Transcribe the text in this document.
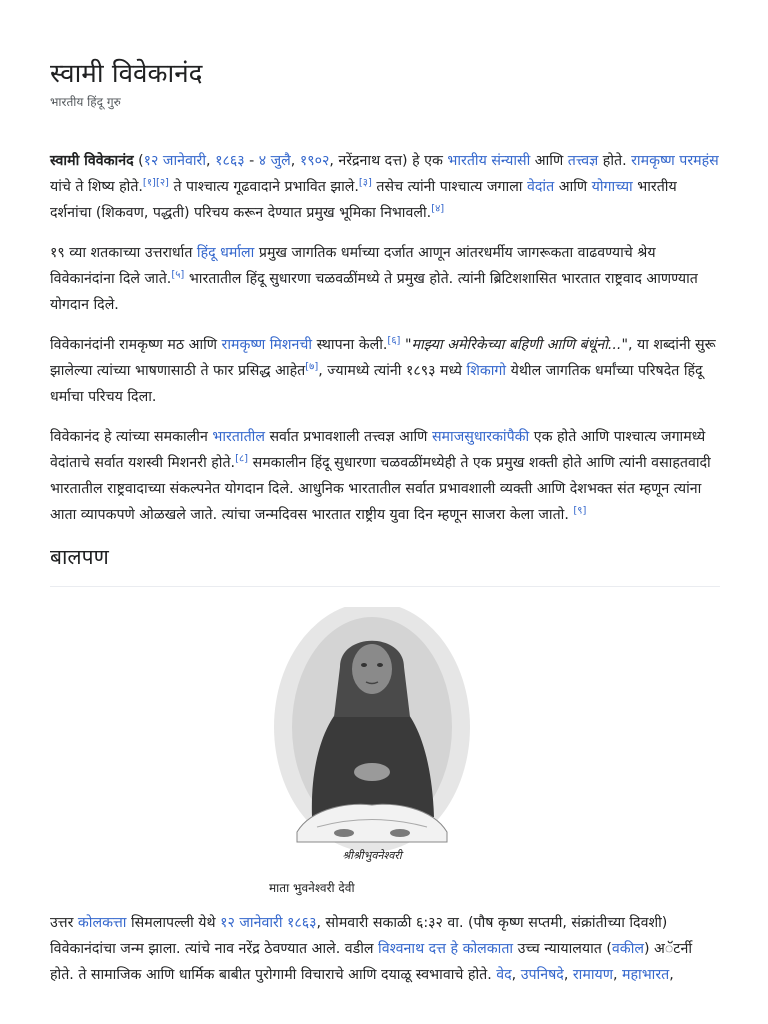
स्वामी विवेकानंद
भारतीय हिंदू गुरु

स्वामी विवेकानंद (१२ जानेवारी, १८६३ - ४ जुलै, १९०२, नरेंद्रनाथ दत्त) हे एक भारतीय संन्यासी आणि तत्त्वज्ञ होते. रामकृष्ण परमहंस यांचे ते शिष्य होते.[१][२] ते पाश्चात्य गूढवादाने प्रभावित झाले.[३] तसेच त्यांनी पाश्चात्य जगाला वेदांत आणि योगाच्या भारतीय दर्शनांचा (शिकवण, पद्धती) परिचय करून देण्यात प्रमुख भूमिका निभावली.[४]

१९ व्या शतकाच्या उत्तरार्धात हिंदू धर्माला प्रमुख जागतिक धर्माच्या दर्जात आणून आंतरधर्मीय जागरूकता वाढवण्याचे श्रेय विवेकानंदांना दिले जाते.[५] भारतातील हिंदू सुधारणा चळवळींमध्ये ते प्रमुख होते. त्यांनी ब्रिटिशशासित भारतात राष्ट्रवाद आणण्यात योगदान दिले.

विवेकानंदांनी रामकृष्ण मठ आणि रामकृष्ण मिशनची स्थापना केली.[६] "माझ्या अमेरिकेच्या बहिणी आणि बंधूंनो...", या शब्दांनी सुरू झालेल्या त्यांच्या भाषणासाठी ते फार प्रसिद्ध आहेत[७], ज्यामध्ये त्यांनी १८९३ मध्ये शिकागो येथील जागतिक धर्मांच्या परिषदेत हिंदू धर्माचा परिचय दिला.

विवेकानंद हे त्यांच्या समकालीन भारतातील सर्वात प्रभावशाली तत्त्वज्ञ आणि समाजसुधारकांपैकी एक होते आणि पाश्चात्य जगामध्ये वेदांताचे सर्वात यशस्वी मिशनरी होते.[८] समकालीन हिंदू सुधारणा चळवळींमध्येही ते एक प्रमुख शक्ती होते आणि त्यांनी वसाहतवादी भारतातील राष्ट्रवादाच्या संकल्पनेत योगदान दिले. आधुनिक भारतातील सर्वात प्रभावशाली व्यक्ती आणि देशभक्त संत म्हणून त्यांना आता व्यापकपणे ओळखले जाते. त्यांचा जन्मदिवस भारतात राष्ट्रीय युवा दिन म्हणून साजरा केला जातो. [९]

बालपण
श्रीश्रीभुवनेश्वरी
माता भुवनेश्वरी देवी

उत्तर कोलकत्ता सिमलापल्ली येथे १२ जानेवारी १८६३, सोमवारी सकाळी ६:३२ वा. (पौष कृष्ण सप्तमी, संक्रांतीच्या दिवशी) विवेकानंदांचा जन्म झाला. त्यांचे नाव नरेंद्र ठेवण्यात आले. वडील विश्वनाथ दत्त हे कोलकाता उच्च न्यायालयात (वकील) अॅटर्नी होते. ते सामाजिक आणि धार्मिक बाबीत पुरोगामी विचाराचे आणि दयाळू स्वभावाचे होते. वेद, उपनिषदे, रामायण, महाभारत,
